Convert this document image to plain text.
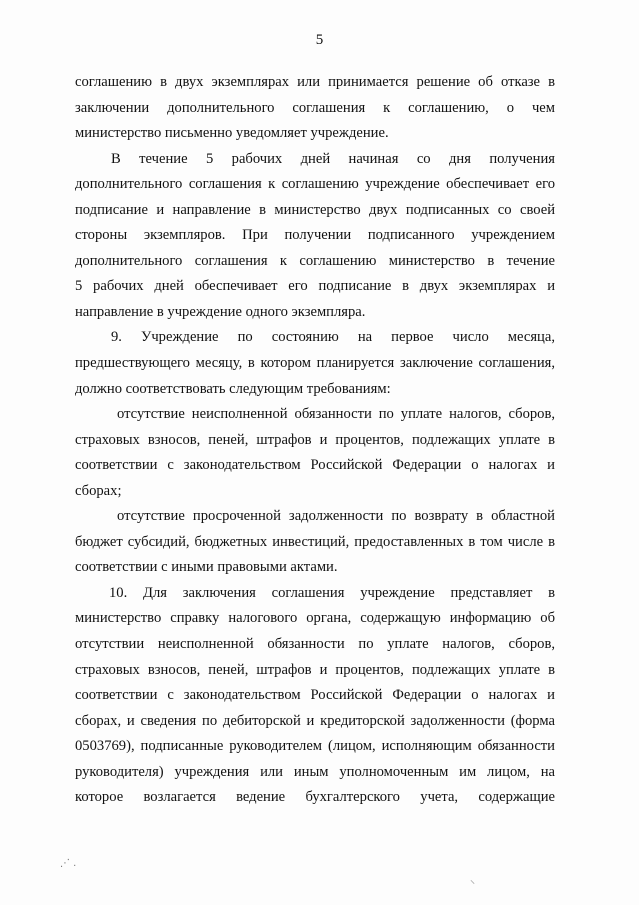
5
соглашению в двух экземплярах или принимается решение об отказе в
заключении дополнительного соглашения к соглашению, о чем
министерство письменно уведомляет учреждение.
В течение 5 рабочих дней начиная со дня получения
дополнительного соглашения к соглашению учреждение обеспечивает его
подписание и направление в министерство двух подписанных со своей
стороны экземпляров. При получении подписанного учреждением
дополнительного соглашения к соглашению министерство в течение
5 рабочих дней обеспечивает его подписание в двух экземплярах и
направление в учреждение одного экземпляра.
9. Учреждение по состоянию на первое число месяца,
предшествующего месяцу, в котором планируется заключение соглашения,
должно соответствовать следующим требованиям:
отсутствие неисполненной обязанности по уплате налогов, сборов,
страховых взносов, пеней, штрафов и процентов, подлежащих уплате в
соответствии с законодательством Российской Федерации о налогах и
сборах;
отсутствие просроченной задолженности по возврату в областной
бюджет субсидий, бюджетных инвестиций, предоставленных в том числе в
соответствии с иными правовыми актами.
10. Для заключения соглашения учреждение представляет в
министерство справку налогового органа, содержащую информацию об
отсутствии неисполненной обязанности по уплате налогов, сборов,
страховых взносов, пеней, штрафов и процентов, подлежащих уплате в
соответствии с законодательством Российской Федерации о налогах и
сборах, и сведения по дебиторской и кредиторской задолженности (форма
0503769), подписанные руководителем (лицом, исполняющим обязанности
руководителя) учреждения или иным уполномоченным им лицом, на
которое возлагается ведение бухгалтерского учета, содержащие
⋰ .
⸜
